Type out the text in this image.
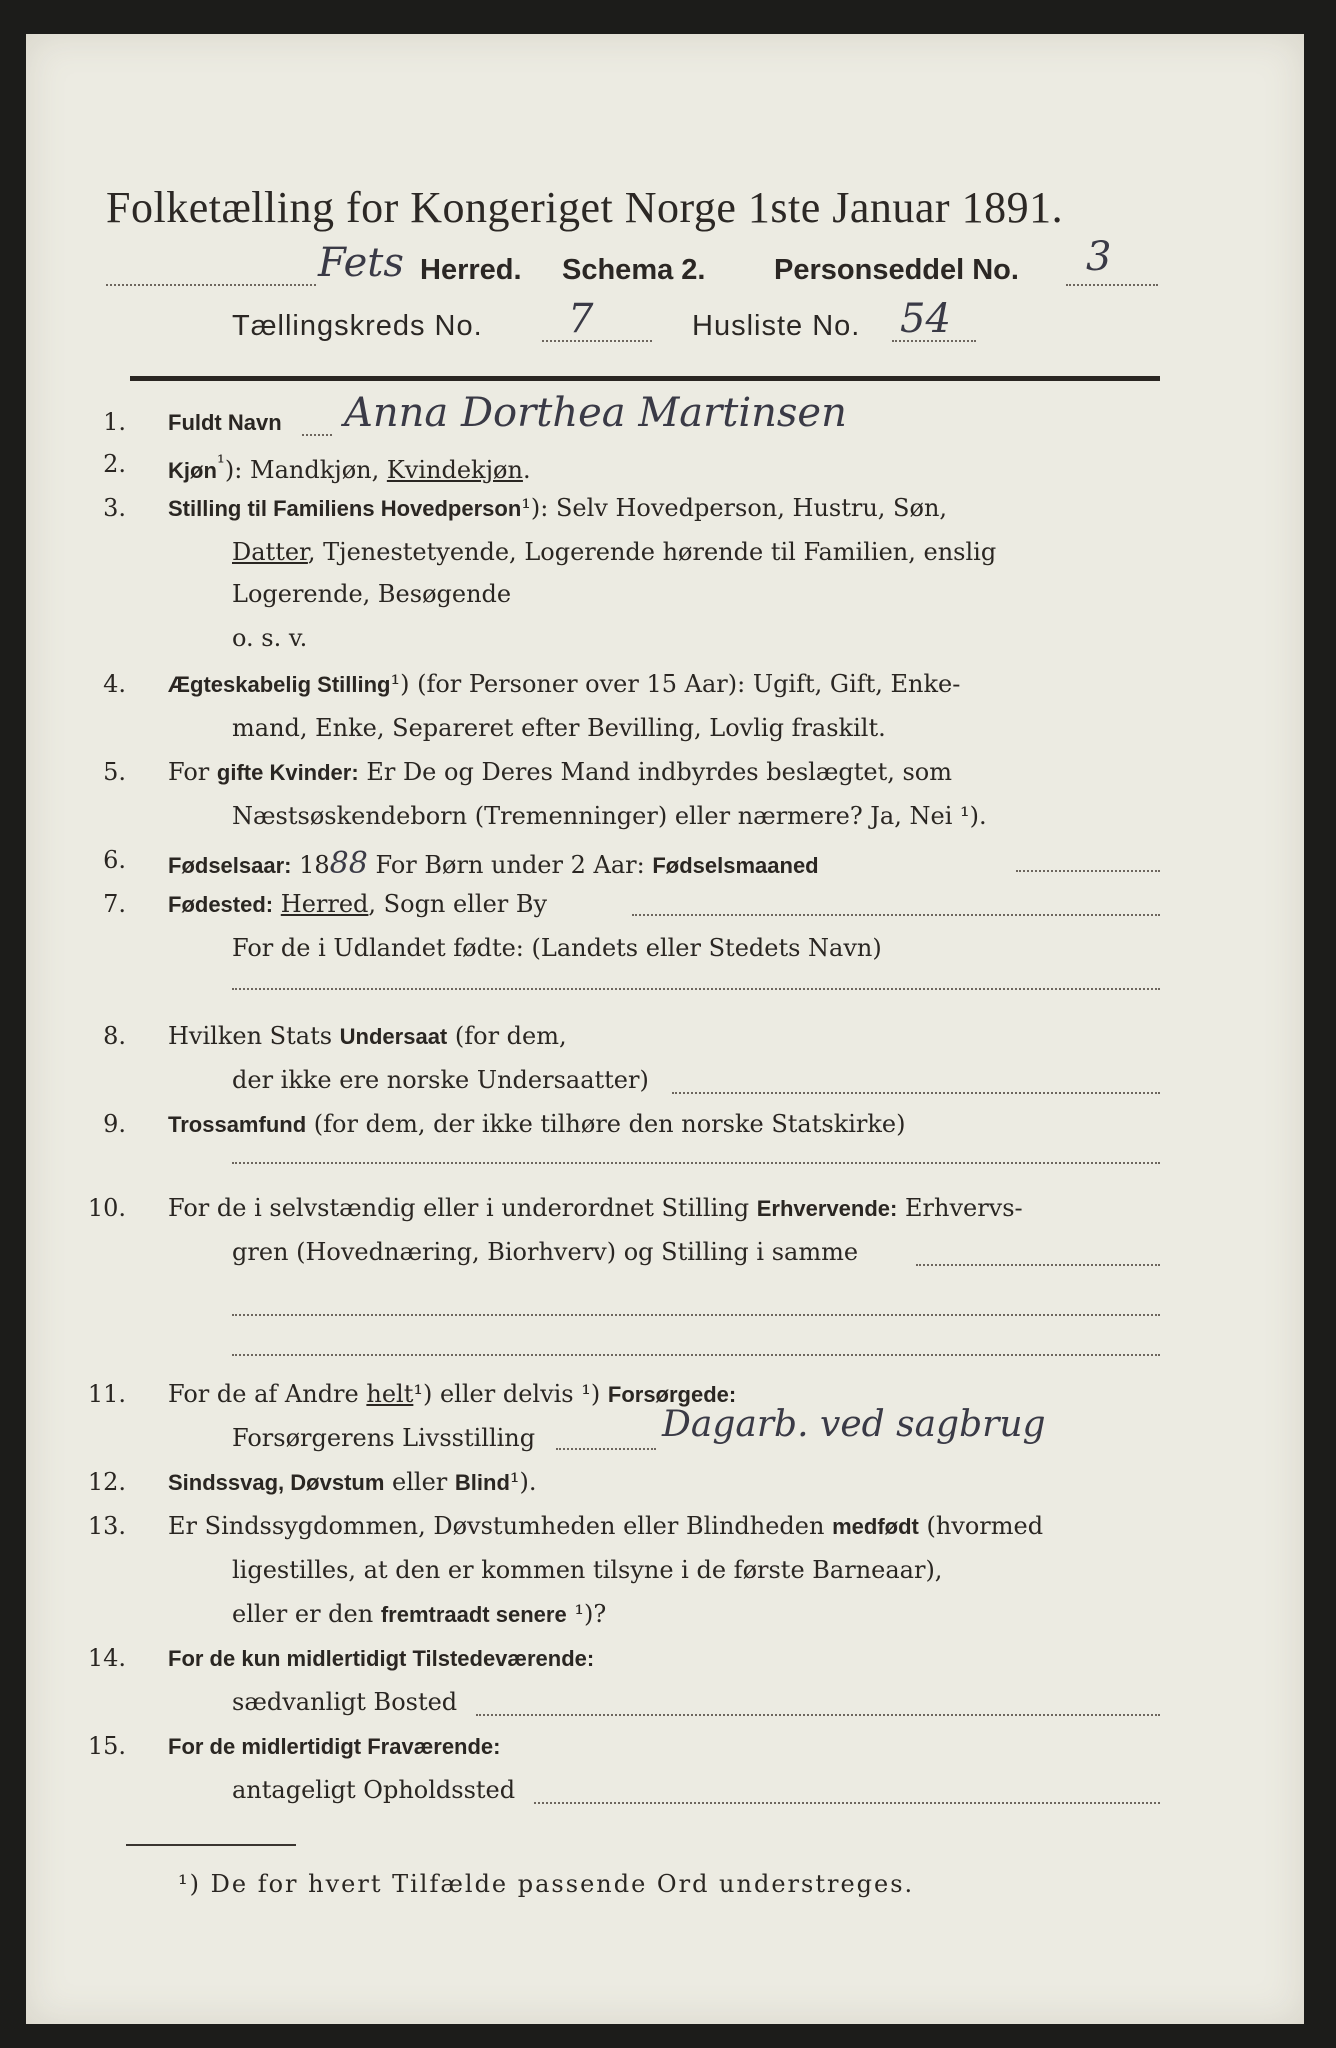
Folketælling for Kongeriget Norge 1ste Januar 1891.
Fets Herred. Schema 2. Personseddel No. 3
Tællingskreds No. 7	Husliste No. 54
1. Fuldt Navn Anna Dorthea Martinsen
2. Kjøn$^{^1}$): Mandkjøn, Kvindekjøn.
3. Stilling til Familiens Hovedperson¹): Selv Hovedperson, Hustru, Søn,
Datter, Tjenestetyende, Logerende hørende til Familien, enslig
Logerende, Besøgende
o. s. v.
4. Ægteskabelig Stilling¹) (for Personer over 15 Aar): Ugift, Gift, Enke-
mand, Enke, Separeret efter Bevilling, Lovlig fraskilt.
5. For gifte Kvinder: Er De og Deres Mand indbyrdes beslægtet, som
Næstsøskendeborn (Tremenninger) eller nærmere? Ja, Nei ¹).
6. Fødselsaar: 1888 For Børn under 2 Aar: Fødselsmaaned
7. Fødested: Herred, Sogn eller By
For de i Udlandet fødte: (Landets eller Stedets Navn)
8. Hvilken Stats Undersaat (for dem,
der ikke ere norske Undersaatter)
9. Trossamfund (for dem, der ikke tilhøre den norske Statskirke)
10. For de i selvstændig eller i underordnet Stilling Erhvervende: Erhvervs-
gren (Hovednæring, Biorhverv) og Stilling i samme
11. For de af Andre helt¹) eller delvis ¹) Forsørgede:
Forsørgerens Livsstilling	Dagarb. ved sagbrug
12. Sindssvag, Døvstum eller Blind¹).
13. Er Sindssygdommen, Døvstumheden eller Blindheden medfødt (hvormed
ligestilles, at den er kommen tilsyne i de første Barneaar),
eller er den fremtraadt senere ¹)?
14. For de kun midlertidigt Tilstedeværende:
sædvanligt Bosted
15. For de midlertidigt Fraværende:
antageligt Opholdssted
¹) De for hvert Tilfælde passende Ord understreges.
